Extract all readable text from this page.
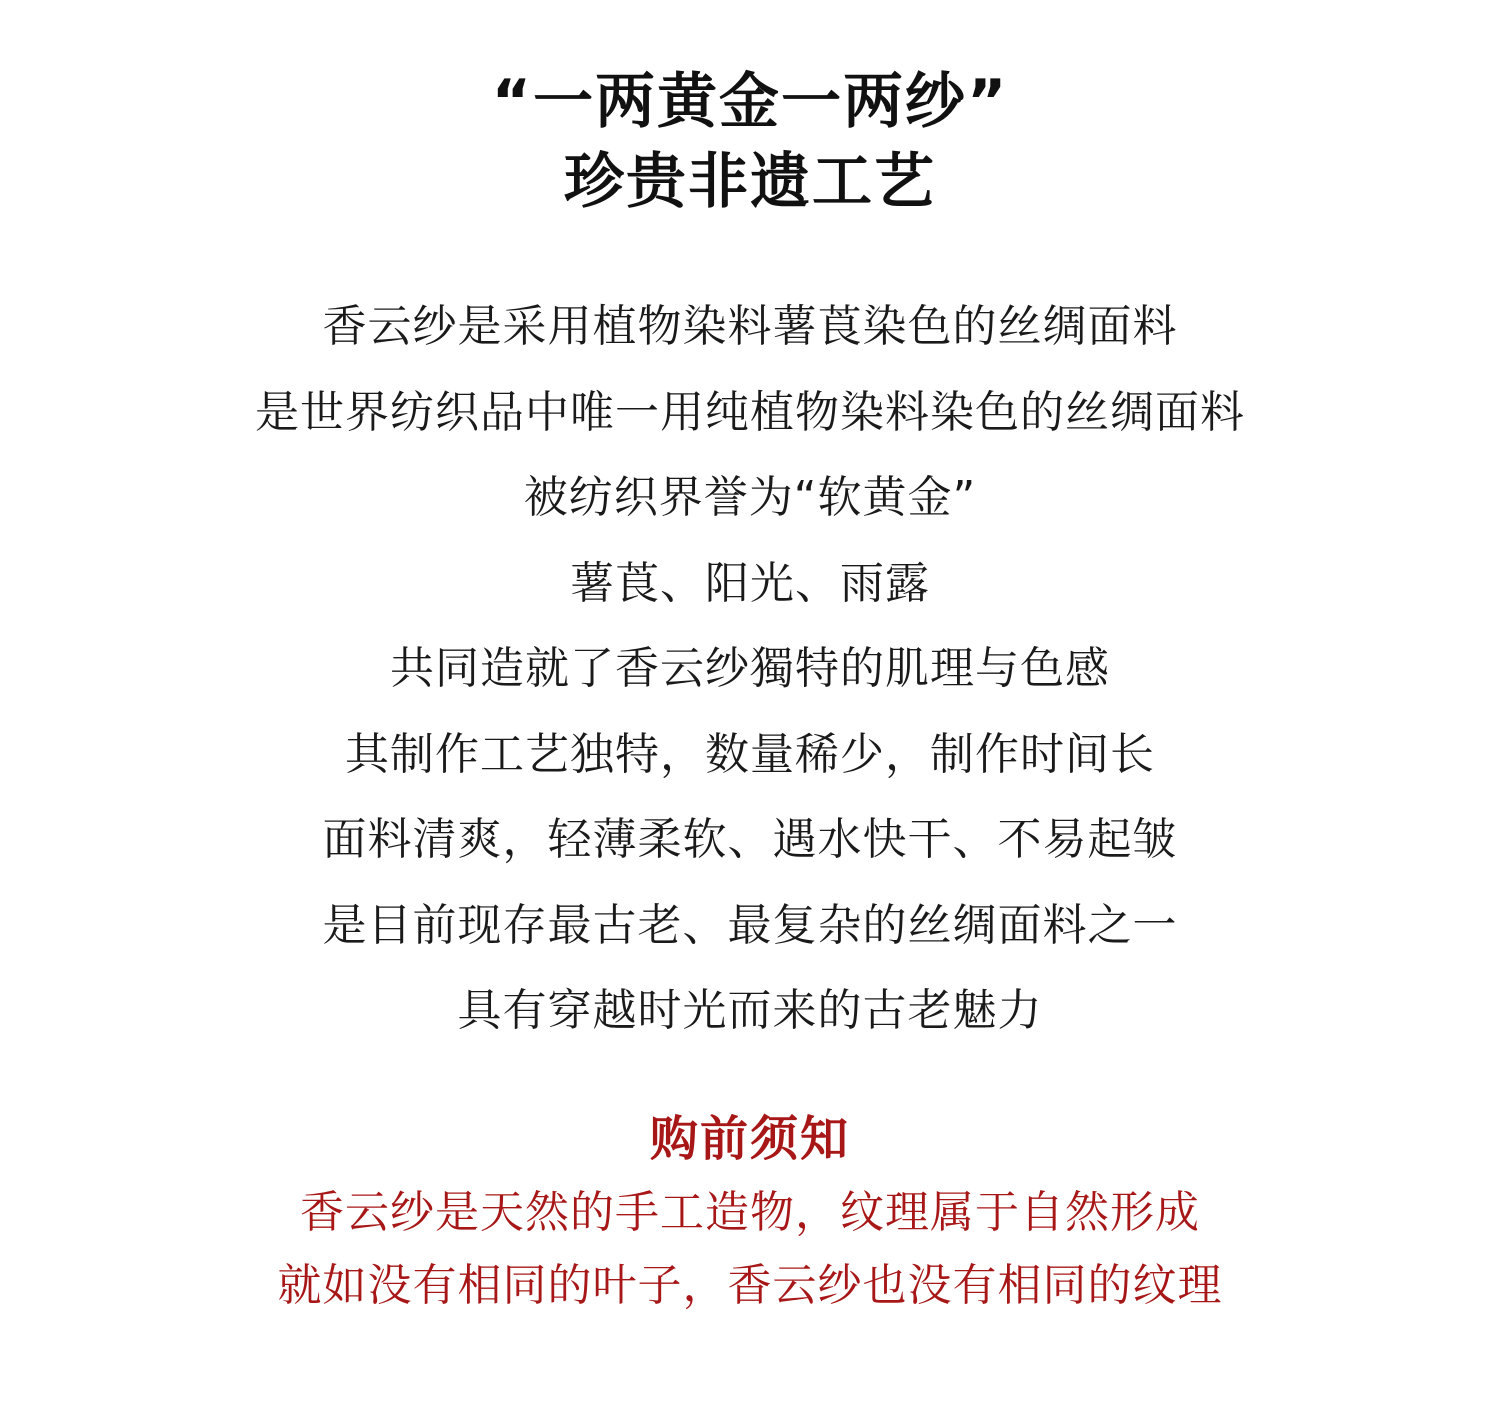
“一两黄金一两纱”
珍贵非遗工艺
香云纱是采用植物染料薯莨染色的丝绸面料
是世界纺织品中唯一用纯植物染料染色的丝绸面料
被纺织界誉为“软黄金”
薯莨、阳光、雨露
共同造就了香云纱獨特的肌理与色感
其制作工艺独特，数量稀少，制作时间长
面料清爽，轻薄柔软、遇水快干、不易起皱
是目前现存最古老、最复杂的丝绸面料之一
具有穿越时光而来的古老魅力
购前须知
香云纱是天然的手工造物，纹理属于自然形成
就如没有相同的叶子，香云纱也没有相同的纹理
